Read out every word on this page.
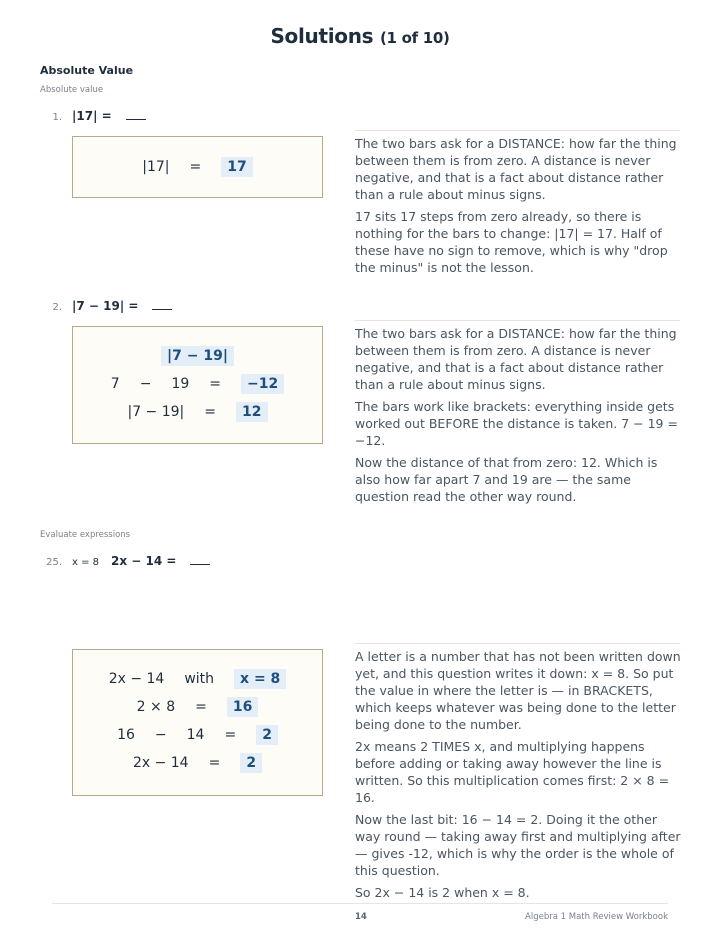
Solutions (1 of 10)
Absolute Value
Absolute value
1. |17| =
|17| =	17

The two bars ask for a DISTANCE: how far the thing between them is from zero. A distance is never negative, and that is a fact about distance rather than a rule about minus signs.

17 sits 17 steps from zero already, so there is nothing for the bars to change: |17| = 17. Half of these have no sign to remove, which is why "drop the minus" is not the lesson.

2. |7 − 19| =
|7 − 19|
7 − 19 =	−12
|7 − 19| =	12

The two bars ask for a DISTANCE: how far the thing between them is from zero. A distance is never negative, and that is a fact about distance rather than a rule about minus signs.

The bars work like brackets: everything inside gets worked out BEFORE the distance is taken. 7 − 19 = −12.

Now the distance of that from zero: 12. Which is also how far apart 7 and 19 are — the same question read the other way round.

Evaluate expressions
25. x = 8 2x − 14 =
2x − 14 with	x = 8
2 × 8 =	16
16 − 14 =	2
2x − 14 =	2

A letter is a number that has not been written down yet, and this question writes it down: x = 8. So put the value in where the letter is — in BRACKETS, which keeps whatever was being done to the letter being done to the number.

2x means 2 TIMES x, and multiplying happens before adding or taking away however the line is written. So this multiplication comes first: 2 × 8 = 16.

Now the last bit: 16 − 14 = 2. Doing it the other way round — taking away first and multiplying after — gives -12, which is why the order is the whole of this question.

So 2x − 14 is 2 when x = 8.

14	Algebra 1 Math Review Workbook
